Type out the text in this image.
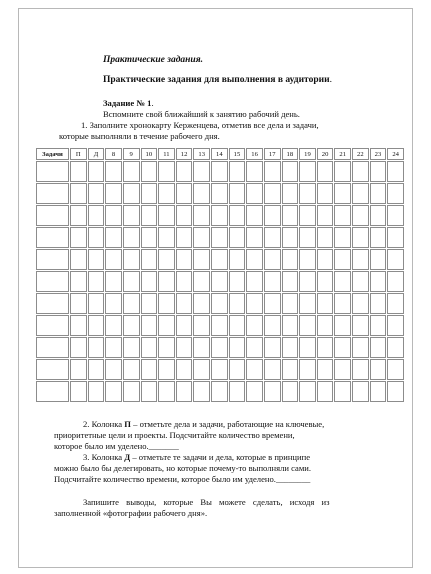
Практические задания.
Практические задания для выполнения в аудитории.
Задание № 1.
Вспомните свой ближайший к занятию рабочий день.
1. Заполните хронокарту Керженцева, отметив все дела и задачи,
которые выполняли в течение рабочего дня.
2. Колонка П – отметьте дела и задачи, работающие на ключевые,
приоритетные цели и проекты. Подсчитайте количество времени,
которое было им уделено._______
3. Колонка Д – отметьте те задачи и дела, которые в принципе
можно было бы делегировать, но которые почему-то выполняли сами.
Подсчитайте количество времени, которое было им уделено.________
Запишите выводы, которые Вы можете сделать, исходя из
заполненной «фотографии рабочего дня».
Задачи	П	Д	8	9	10	11	12	13	14	15	16	17	18	19	20	21	22	23	24
